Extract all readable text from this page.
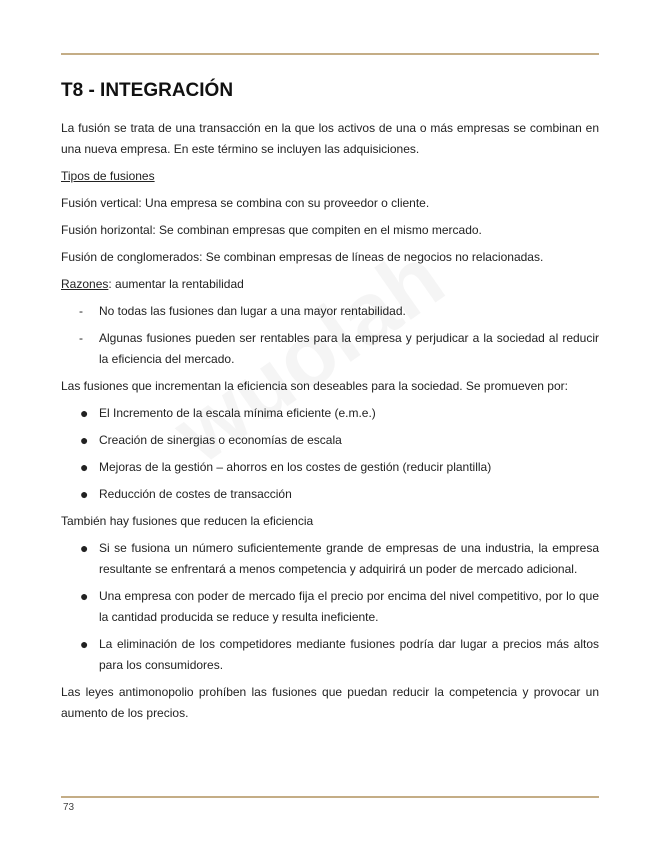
T8 - INTEGRACIÓN

La fusión se trata de una transacción en la que los activos de una o más empresas se combinan en una nueva empresa. En este término se incluyen las adquisiciones.

Tipos de fusiones

Fusión vertical: Una empresa se combina con su proveedor o cliente.

Fusión horizontal: Se combinan empresas que compiten en el mismo mercado.

Fusión de conglomerados: Se combinan empresas de líneas de negocios no relacionadas.

Razones: aumentar la rentabilidad

- No todas las fusiones dan lugar a una mayor rentabilidad.
- Algunas fusiones pueden ser rentables para la empresa y perjudicar a la sociedad al reducir la eficiencia del mercado.

Las fusiones que incrementan la eficiencia son deseables para la sociedad. Se promueven por:

● El Incremento de la escala mínima eficiente (e.m.e.)
● Creación de sinergias o economías de escala
● Mejoras de la gestión – ahorros en los costes de gestión (reducir plantilla)
● Reducción de costes de transacción

También hay fusiones que reducen la eficiencia

● Si se fusiona un número suficientemente grande de empresas de una industria, la empresa resultante se enfrentará a menos competencia y adquirirá un poder de mercado adicional.
● Una empresa con poder de mercado fija el precio por encima del nivel competitivo, por lo que la cantidad producida se reduce y resulta ineficiente.
● La eliminación de los competidores mediante fusiones podría dar lugar a precios más altos para los consumidores.

Las leyes antimonopolio prohíben las fusiones que puedan reducir la competencia y provocar un aumento de los precios.

73
